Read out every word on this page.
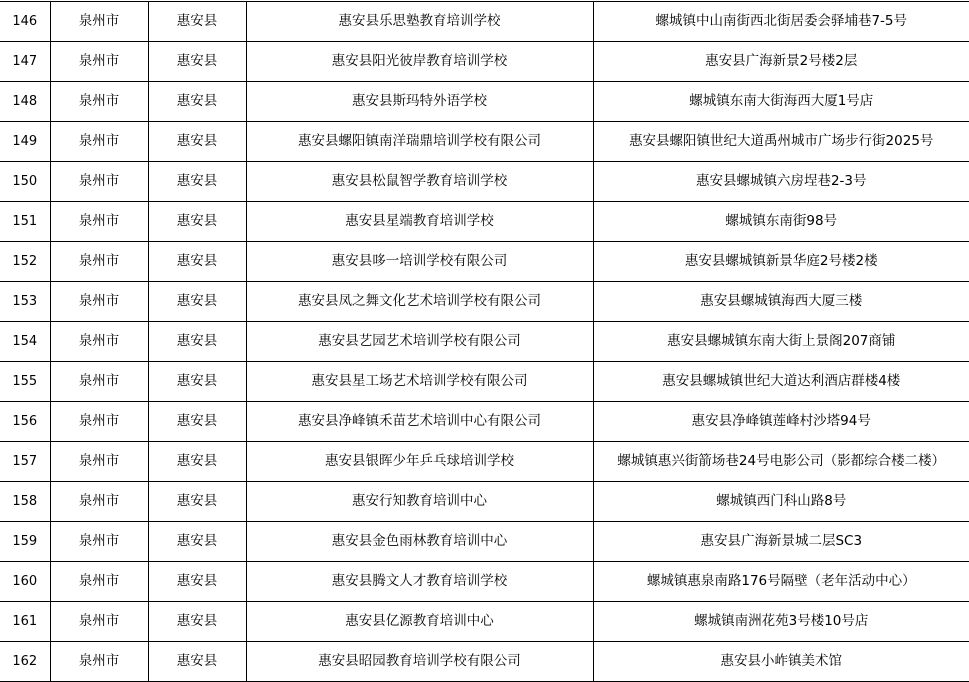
146	泉州市	惠安县	惠安县乐思塾教育培训学校	螺城镇中山南街西北街居委会驿埔巷7-5号
147	泉州市	惠安县	惠安县阳光彼岸教育培训学校	惠安县广海新景2号楼2层
148	泉州市	惠安县	惠安县斯玛特外语学校	螺城镇东南大街海西大厦1号店
149	泉州市	惠安县	惠安县螺阳镇南洋瑞鼎培训学校有限公司	惠安县螺阳镇世纪大道禹州城市广场步行街2025号
150	泉州市	惠安县	惠安县松鼠智学教育培训学校	惠安县螺城镇六房埕巷2-3号
151	泉州市	惠安县	惠安县星端教育培训学校	螺城镇东南街98号
152	泉州市	惠安县	惠安县哆一培训学校有限公司	惠安县螺城镇新景华庭2号楼2楼
153	泉州市	惠安县	惠安县凤之舞文化艺术培训学校有限公司	惠安县螺城镇海西大厦三楼
154	泉州市	惠安县	惠安县艺园艺术培训学校有限公司	惠安县螺城镇东南大街上景阁207商铺
155	泉州市	惠安县	惠安县星工场艺术培训学校有限公司	惠安县螺城镇世纪大道达利酒店群楼4楼
156	泉州市	惠安县	惠安县净峰镇禾苗艺术培训中心有限公司	惠安县净峰镇莲峰村沙塔94号
157	泉州市	惠安县	惠安县银晖少年乒乓球培训学校	螺城镇惠兴街箭场巷24号电影公司（影都综合楼二楼）
158	泉州市	惠安县	惠安行知教育培训中心	螺城镇西门科山路8号
159	泉州市	惠安县	惠安县金色雨林教育培训中心	惠安县广海新景城二层SC3
160	泉州市	惠安县	惠安县腾文人才教育培训学校	螺城镇惠泉南路176号隔壁（老年活动中心）
161	泉州市	惠安县	惠安县亿源教育培训中心	螺城镇南洲花苑3号楼10号店
162	泉州市	惠安县	惠安县昭园教育培训学校有限公司	惠安县小岞镇美术馆
